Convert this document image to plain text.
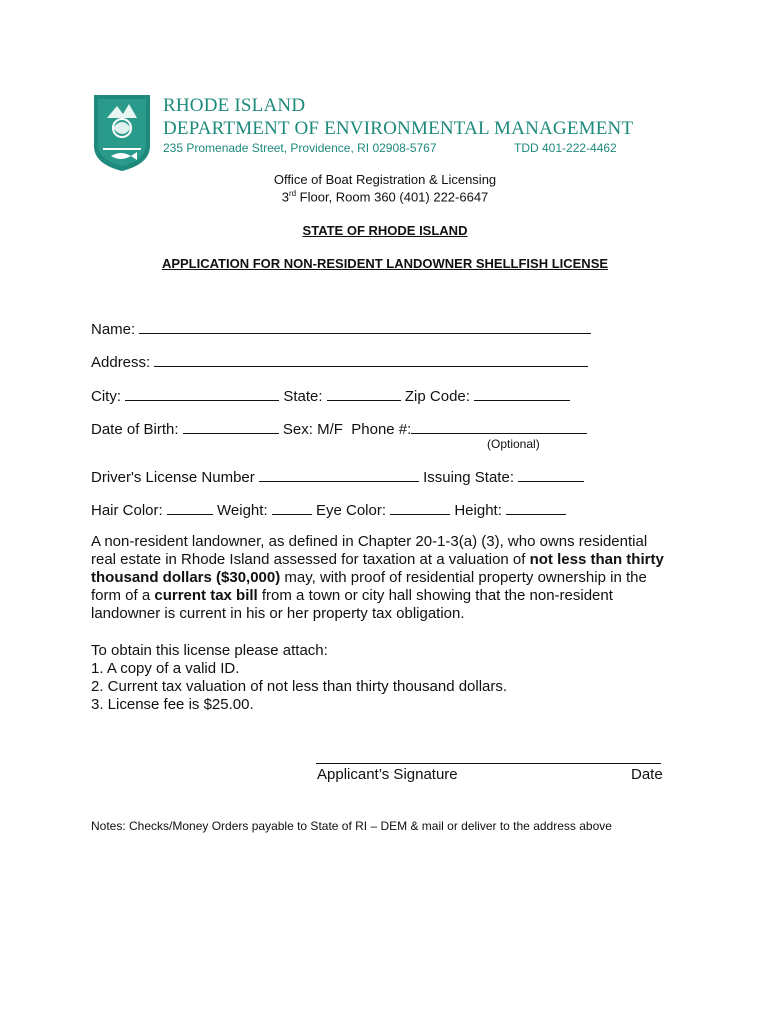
RHODE ISLAND
DEPARTMENT OF ENVIRONMENTAL MANAGEMENT
235 Promenade Street, Providence, RI 02908-5767	TDD 401-222-4462
Office of Boat Registration & Licensing
3rd Floor, Room 360 (401) 222-6647
STATE OF RHODE ISLAND
APPLICATION FOR NON-RESIDENT LANDOWNER SHELLFISH LICENSE
Name:
Address:
City:	State:	Zip Code:
Date of Birth:	Sex: M/F Phone #:
(Optional)
Driver's License Number	Issuing State:
Hair Color:	Weight:	Eye Color:	Height:
A non-resident landowner, as defined in Chapter 20-1-3(a) (3), who owns residential real estate in Rhode Island assessed for taxation at a valuation of not less than thirty thousand dollars ($30,000) may, with proof of residential property ownership in the form of a current tax bill from a town or city hall showing that the non-resident landowner is current in his or her property tax obligation.
To obtain this license please attach:
1. A copy of a valid ID.
2. Current tax valuation of not less than thirty thousand dollars.
3. License fee is $25.00.
Applicant’s Signature	Date
Notes: Checks/Money Orders payable to State of RI – DEM & mail or deliver to the address above
